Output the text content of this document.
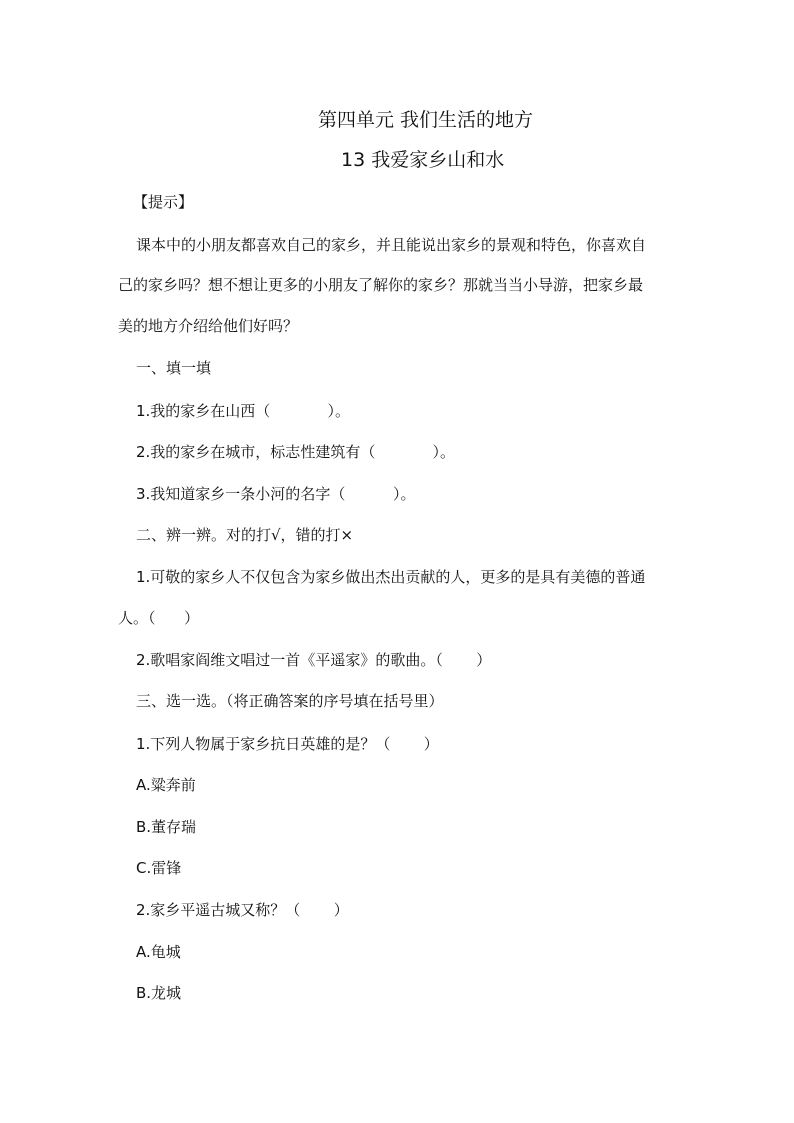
第四单元 我们生活的地方
13 我爱家乡山和水
【提示】
课本中的小朋友都喜欢自己的家乡，并且能说出家乡的景观和特色，你喜欢自
己的家乡吗？想不想让更多的小朋友了解你的家乡？那就当当小导游，把家乡最
美的地方介绍给他们好吗？
一、填一填
1.我的家乡在山西（            ）。
2.我的家乡在城市，标志性建筑有（            ）。
3.我知道家乡一条小河的名字（          ）。
二、辨一辨。对的打√，错的打×
1.可敬的家乡人不仅包含为家乡做出杰出贡献的人，更多的是具有美德的普通
人。（      ）
2.歌唱家阎维文唱过一首《平遥家》的歌曲。（       ）
三、选一选。（将正确答案的序号填在括号里）
1.下列人物属于家乡抗日英雄的是？（       ）
A.粱奔前
B.董存瑞
C.雷锋
2.家乡平遥古城又称？（       ）
A.龟城
B.龙城
